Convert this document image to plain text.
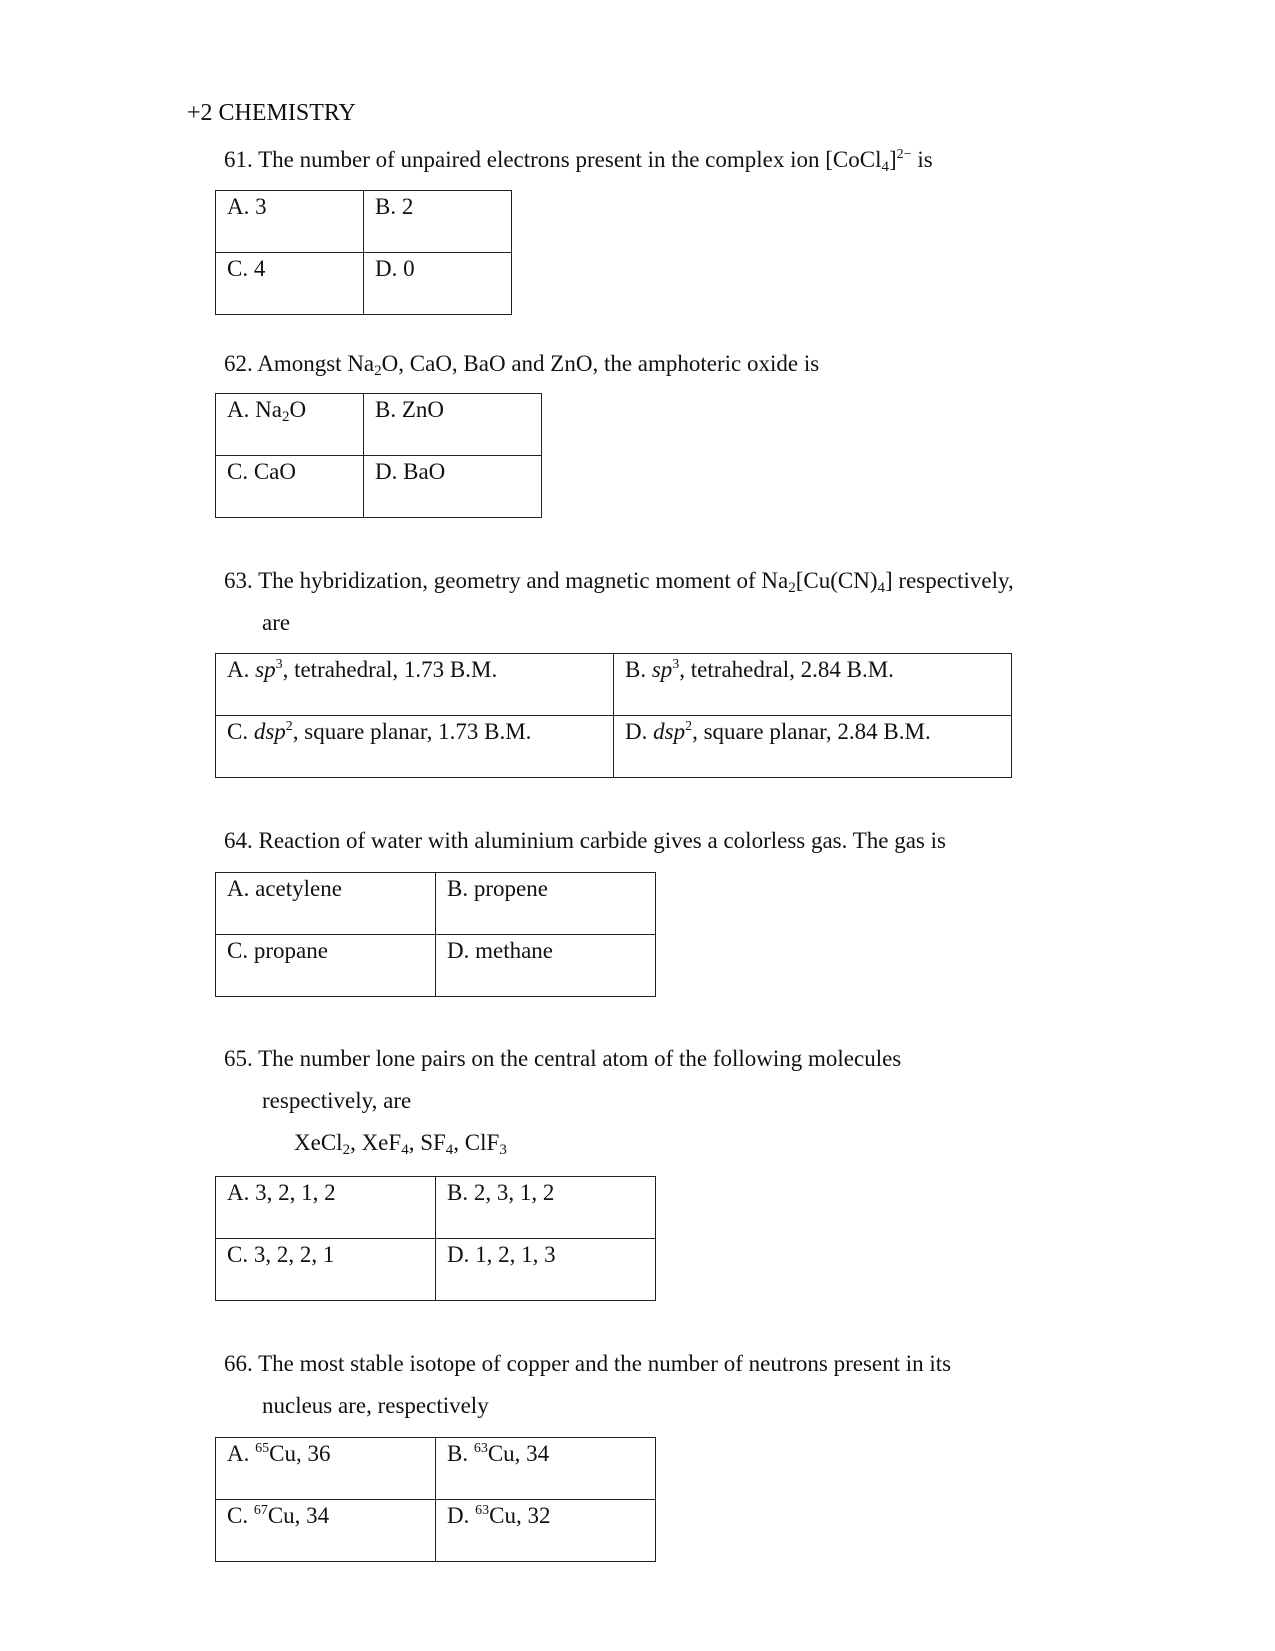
+2 CHEMISTRY
61. The number of unpaired electrons present in the complex ion [CoCl$_4$]$^{2-}$ is
A. 3	B. 2
C. 4	D. 0
62. Amongst $Na_2O$, CaO, BaO and ZnO, the amphoteric oxide is
A. $Na_2O$	B. ZnO
C. CaO	D. BaO
63. The hybridization, geometry and magnetic moment of $Na_2[Cu(CN)_4]$ respectively,
are
A. $sp^3$, tetrahedral, 1.73 B.M.	B. $sp^3$, tetrahedral, 2.84 B.M.
C. dsp$^2$, square planar, 1.73 B.M.	D. dsp$^2$, square planar, 2.84 B.M.
64. Reaction of water with aluminium carbide gives a colorless gas. The gas is
A. acetylene	B. propene
C. propane	D. methane
65. The number lone pairs on the central atom of the following molecules
respectively, are
XeCl$_2$, XeF$_4$, $SF_4$, ClF$_3$
A. 3, 2, 1, 2	B. 2, 3, 1, 2
C. 3, 2, 2, 1	D. 1, 2, 1, 3
66. The most stable isotope of copper and the number of neutrons present in its
nucleus are, respectively
A. $^{65}$Cu, 36	B. $^{63}$Cu, 34
C. $^{67}$Cu, 34	D. $^{63}$Cu, 32
